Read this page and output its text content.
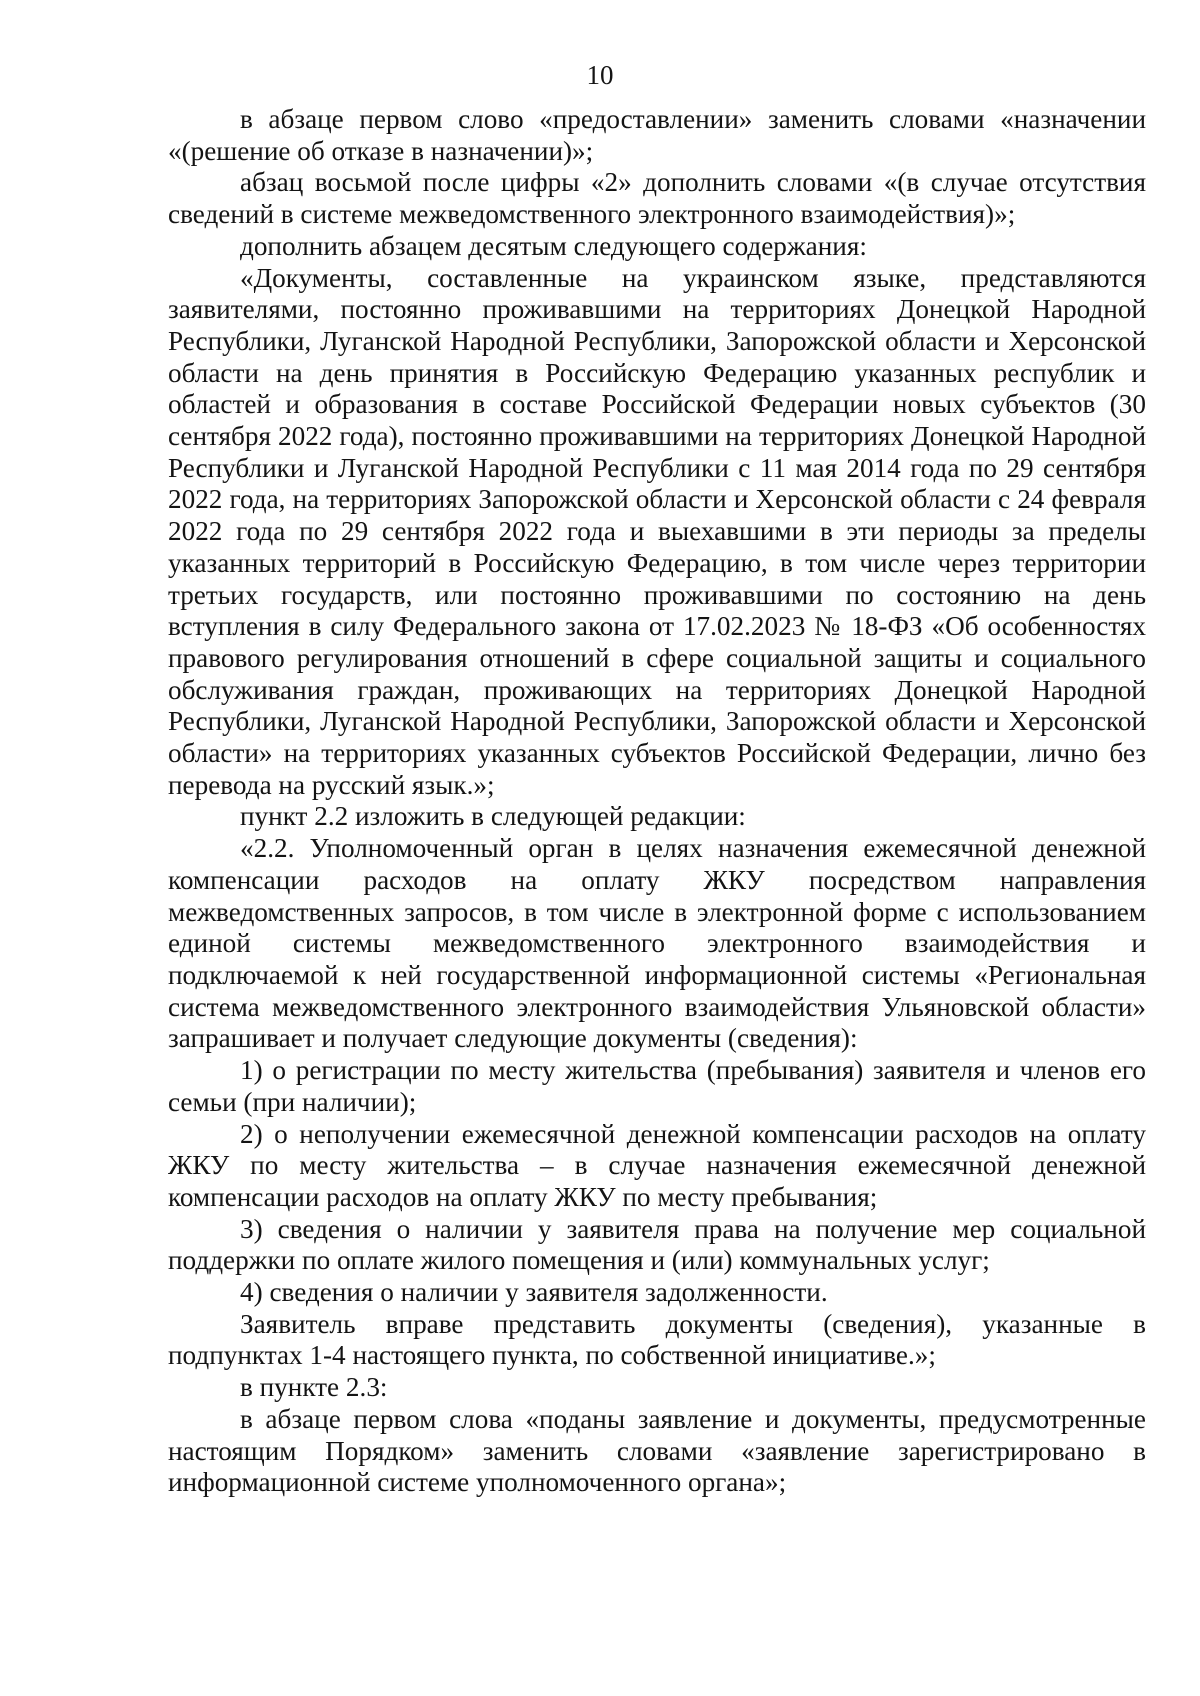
10

в абзаце первом слово «предоставлении» заменить словами «назначении «(решение об отказе в назначении)»;

абзац восьмой после цифры «2» дополнить словами «(в случае отсутствия сведений в системе межведомственного электронного взаимодействия)»;

дополнить абзацем десятым следующего содержания:

«Документы, составленные на украинском языке, представляются заявителями, постоянно проживавшими на территориях Донецкой Народной Республики, Луганской Народной Республики, Запорожской области и Херсонской области на день принятия в Российскую Федерацию указанных республик и областей и образования в составе Российской Федерации новых субъектов (30 сентября 2022 года), постоянно проживавшими на территориях Донецкой Народной Республики и Луганской Народной Республики с 11 мая 2014 года по 29 сентября 2022 года, на территориях Запорожской области и Херсонской области с 24 февраля 2022 года по 29 сентября 2022 года и выехавшими в эти периоды за пределы указанных территорий в Российскую Федерацию, в том числе через территории третьих государств, или постоянно проживавшими по состоянию на день вступления в силу Федерального закона от 17.02.2023 № 18-ФЗ «Об особенностях правового регулирования отношений в сфере социальной защиты и социального обслуживания граждан, проживающих на территориях Донецкой Народной Республики, Луганской Народной Республики, Запорожской области и Херсонской области» на территориях указанных субъектов Российской Федерации, лично без перевода на русский язык.»;

пункт 2.2 изложить в следующей редакции:

«2.2. Уполномоченный орган в целях назначения ежемесячной денежной компенсации расходов на оплату ЖКУ посредством направления межведомственных запросов, в том числе в электронной форме с использованием единой системы межведомственного электронного взаимодействия и подключаемой к ней государственной информационной системы «Региональная система межведомственного электронного взаимодействия Ульяновской области» запрашивает и получает следующие документы (сведения):

1) о регистрации по месту жительства (пребывания) заявителя и членов его семьи (при наличии);

2) о неполучении ежемесячной денежной компенсации расходов на оплату ЖКУ по месту жительства – в случае назначения ежемесячной денежной компенсации расходов на оплату ЖКУ по месту пребывания;

3) сведения о наличии у заявителя права на получение мер социальной поддержки по оплате жилого помещения и (или) коммунальных услуг;

4) сведения о наличии у заявителя задолженности.

Заявитель вправе представить документы (сведения), указанные в подпунктах 1-4 настоящего пункта, по собственной инициативе.»;

в пункте 2.3:

в абзаце первом слова «поданы заявление и документы, предусмотренные настоящим Порядком» заменить словами «заявление зарегистрировано в информационной системе уполномоченного органа»;
